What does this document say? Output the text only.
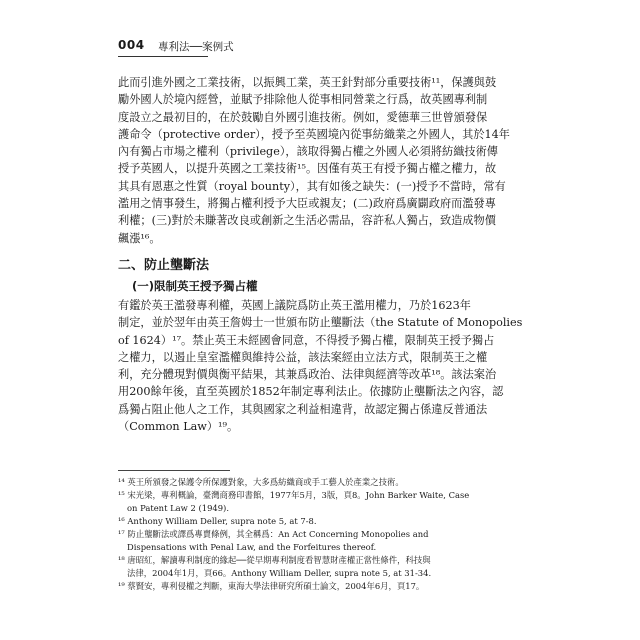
004 專利法──案例式

此而引進外國之工業技術，以振興工業，英王針對部分重要技術¹¹，保護與鼓
勵外國人於境內經營，並賦予排除他人從事相同營業之行爲，故英國專利制
度設立之最初目的，在於鼓勵自外國引進技術。例如，愛德華三世曾頒發保
護命令（protective order），授予至英國境內從事紡織業之外國人，其於14年
內有獨占市場之權利（privilege），該取得獨占權之外國人必須將紡織技術傳
授予英國人，以提升英國之工業技術¹⁵。因僅有英王有授予獨占權之權力，故
其具有恩惠之性質（royal bounty），其有如後之缺失：(一)授予不當時，常有
濫用之情事發生，將獨占權利授予大臣或親友；(二)政府爲廣闢政府而濫發專
利權；(三)對於未賺著改良或創新之生活必需品，容許私人獨占，致造成物價
飆漲¹⁶。

二、防止壟斷法
(一)限制英王授予獨占權

有鑑於英王濫發專利權，英國上議院爲防止英王濫用權力，乃於1623年
制定，並於翌年由英王詹姆士一世頒布防止壟斷法（the Statute of Monopolies
of 1624）¹⁷。禁止英王未經國會同意，不得授予獨占權，限制英王授予獨占
之權力，以遏止皇室濫權與維持公益，該法案經由立法方式，限制英王之權
利，充分體現對價與衡平結果，其兼爲政治、法律與經濟等改革¹⁸。該法案治
用200餘年後，直至英國於1852年制定專利法止。依據防止壟斷法之內容，認
爲獨占阻止他人之工作，其與國家之利益相違背，故認定獨占係違反普通法
（Common Law）¹⁹。

¹⁴ 英王所頒發之保護令所保護對象，大多爲紡織商或手工藝人於產業之技術。

¹⁵ 宋光梁，專利概論，臺灣商務印書館，1977年5月，3版，頁8。John Barker Waite, Case
on Patent Law 2 (1949).

¹⁶ Anthony William Deller, supra note 5, at 7-8.

¹⁷ 防止壟斷法或譯爲專賣條例，其全稱爲：An Act Concerning Monopolies and
Dispensations with Penal Law, and the Forfeitures thereof.

¹⁸ 唐昭紅，解讀專利制度的緣起──從早期專利制度看智慧財產權正當性條件，科技與
法律，2004年1月，頁66。Anthony William Deller, supra note 5, at 31-34.

¹⁹ 蔡賢安，專利侵權之判斷，東海大學法律研究所碩士論文，2004年6月，頁17。
